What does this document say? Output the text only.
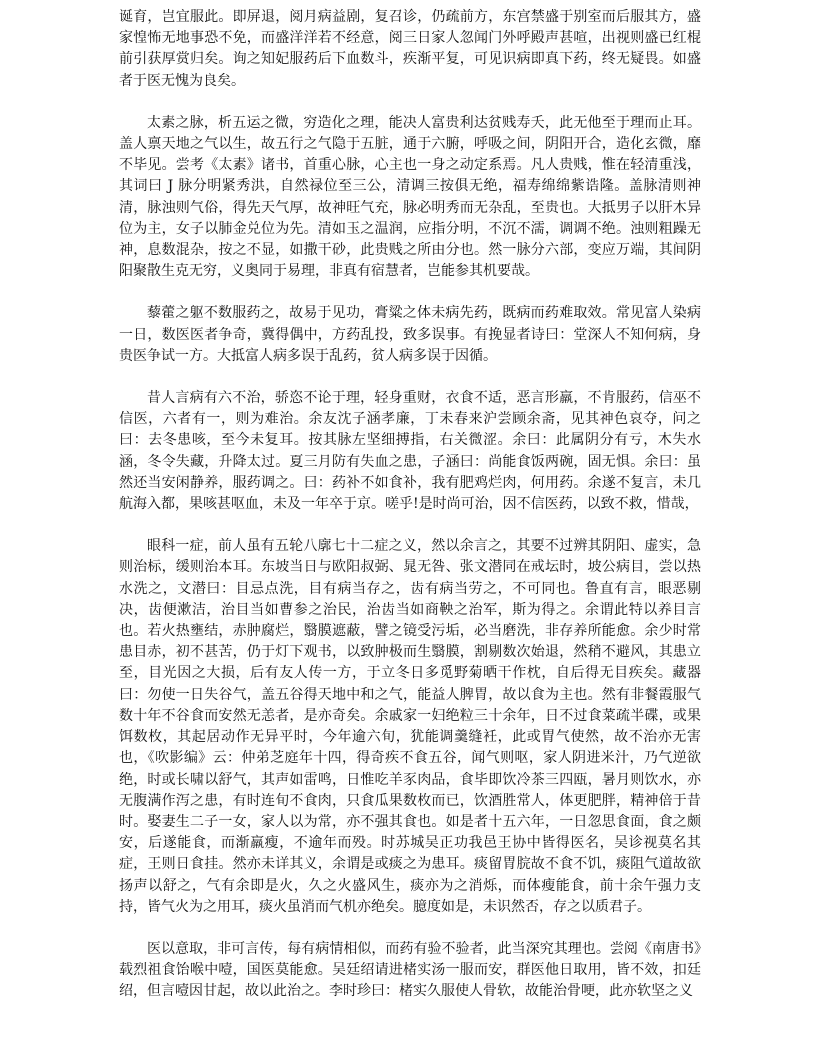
诞育，岂宜服此。即屏退，阅月病益剧，复召诊，仍疏前方，东宫禁盛于别室而后服其方，盛家惶怖无地事恐不免，而盛洋洋若不经意，阅三日家人忽闻门外呼殿声甚喧，出视则盛已红棍前引获厚赏归矣。询之知妃服药后下血数斗，疾渐平复，可见识病即真下药，终无疑畏。如盛者于医无愧为良矣。

太素之脉，析五运之微，穷造化之理，能决人富贵利达贫贱寿夭，此无他至于理而止耳。盖人禀天地之气以生，故五行之气隐于五脏，通于六腑，呼吸之间，阴阳开合，造化玄微，靡不毕见。尝考《太素》诸书，首重心脉，心主也一身之动定系焉。凡人贵贱，惟在轻清重浅，其词曰 J 脉分明紧秀洪，自然禄位至三公，清调三按俱无绝，福寿绵绵紫诰隆。盖脉清则神清，脉浊则气俗，得先天气厚，故神旺气充，脉必明秀而无杂乱，至贵也。大抵男子以肝木异位为主，女子以肺金兑位为先。清如玉之温润，应指分明，不沉不濡，调调不绝。浊则粗躁无神，息数混杂，按之不显，如撒干砂，此贵贱之所由分也。然一脉分六部，变应万端，其间阴阳聚散生克无穷，义奥同于易理，非真有宿慧者，岂能参其机要哉。

藜藿之躯不数服药之，故易于见功，膏粱之体未病先药，既病而药难取效。常见富人染病一日，数医医者争奇，冀得偶中，方药乱投，致多误事。有挽显者诗曰：堂深人不知何病，身贵医争试一方。大抵富人病多误于乱药，贫人病多误于因循。

昔人言病有六不治，骄恣不论于理，轻身重财，衣食不适，恶言形羸，不肯服药，信巫不信医，六者有一，则为难治。余友沈子涵孝廉，丁未春来沪尝顾余斋，见其神色哀夺，问之曰：去冬患咳，至今未复耳。按其脉左坚细搏指，右关微涩。余曰：此属阴分有亏，木失水涵，冬令失藏，升降太过。夏三月防有失血之患，子涵曰：尚能食饭两碗，固无惧。余曰：虽然还当安闲静养，服药调之。曰：药补不如食补，我有肥鸡烂肉，何用药。余遂不复言，未几航海入都，果咳甚呕血，未及一年卒于京。嗟乎!是时尚可治，因不信医药，以致不救，惜哉，

眼科一症，前人虽有五轮八廓七十二症之义，然以余言之，其要不过辨其阴阳、虚实，急则治标，缓则治本耳。东坡当日与欧阳叔弼、晁无咎、张文潜同在戒坛时，坡公病目，尝以热水洗之，文潜曰：目忌点洗，目有病当存之，齿有病当劳之，不可同也。鲁直有言，眼恶剔决，齿便漱洁，治目当如曹参之治民，治齿当如商鞅之治军，斯为得之。余谓此特以养目言也。若火热壅结，赤肿腐烂，翳膜遮蔽，譬之镜受污垢，必当磨洗，非存养所能愈。余少时常患目赤，初不甚苦，仍于灯下观书，以致肿极而生翳膜，割剔数次始退，然稍不避风，其患立至，目光因之大损，后有友人传一方，于立冬日多觅野菊晒干作枕，自后得无目疾矣。藏器曰：勿使一日失谷气，盖五谷得天地中和之气，能益人脾胃，故以食为主也。然有非餐霞服气数十年不谷食而安然无恙者，是亦奇矣。余戚家一妇绝粒三十余年，日不过食菜疏半碟，或果饵数枚，其起居动作无异平时，今年逾六旬，犹能调羹缝衽，此或胃气使然，故不治亦无害也，《吹影编》云：仲弟芝庭年十四，得奇疾不食五谷，闻气则呕，家人阴进米汁，乃气逆欲绝，时或长啸以舒气，其声如雷鸣，日惟吃羊豕肉品，食毕即饮冷茶三四瓯，暑月则饮水，亦无腹满作泻之患，有时连旬不食肉，只食瓜果数枚而已，饮酒胜常人，体更肥胖，精神倍于昔时。娶妻生二子一女，家人以为常，亦不强其食也。如是者十五六年，一日忽思食面，食之颇安，后遂能食，而渐羸瘦，不逾年而殁。时苏城吴正功我邑王协中皆得医名，吴诊视莫名其症，王则日食挂。然亦未详其义，余谓是或痰之为患耳。痰留胃脘故不食不饥，痰阻气道故欲扬声以舒之，气有余即是火，久之火盛风生，痰亦为之消烁，而体瘦能食，前十余午强力支持，皆气火为之用耳，痰火虽消而气机亦绝矣。臆度如是，未识然否，存之以质君子。

医以意取，非可言传，每有病情相似，而药有验不验者，此当深究其理也。尝阅《南唐书》载烈祖食饴喉中噎，国医莫能愈。吴廷绍请进楮实汤一服而安，群医他日取用，皆不效，扣廷绍，但言噎因甘起，故以此治之。李时珍曰：楮实久服使人骨软，故能治骨哽，此亦软坚之义
